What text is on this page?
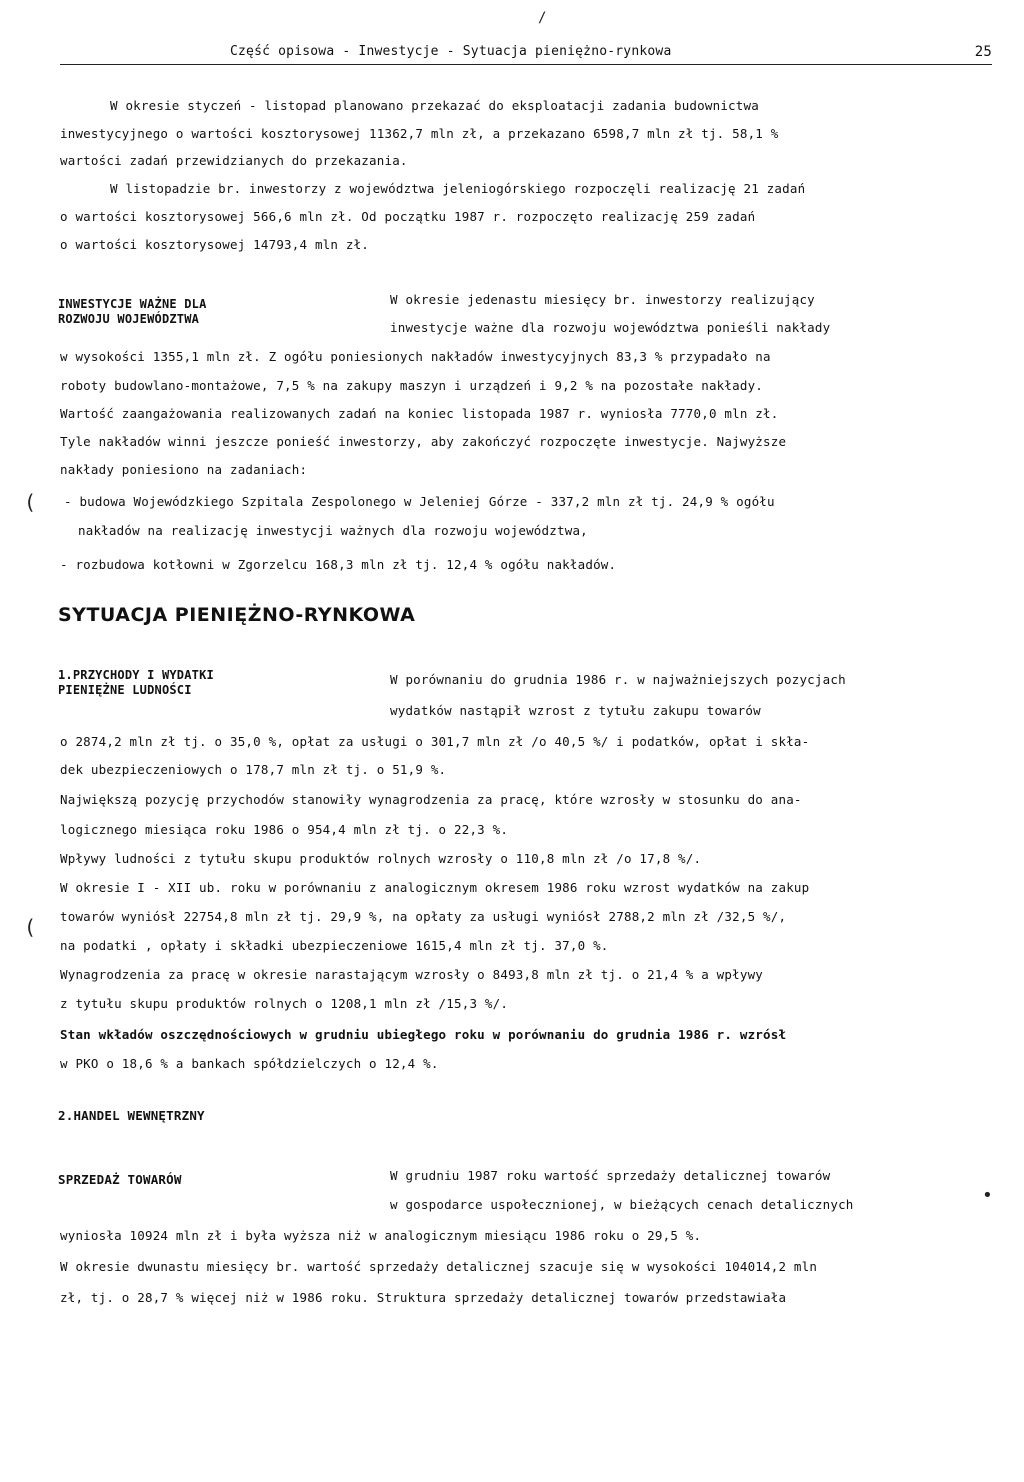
Część opisowa - Inwestycje - Sytuacja pieniężno-rynkowa	25
W okresie styczeń - listopad planowano przekazać do eksploatacji zadania budownictwa
inwestycyjnego o wartości kosztorysowej 11362,7 mln zł, a przekazano 6598,7 mln zł tj. 58,1 %
wartości zadań przewidzianych do przekazania.
W listopadzie br. inwestorzy z województwa jeleniogórskiego rozpoczęli realizację 21 zadań
o wartości kosztorysowej 566,6 mln zł. Od początku 1987 r. rozpoczęto realizację 259 zadań
o wartości kosztorysowej 14793,4 mln zł.
INWESTYCJE WAŻNE DLA
ROZWOJU WOJEWÓDZTWA
W okresie jedenastu miesięcy br. inwestorzy realizujący
inwestycje ważne dla rozwoju województwa ponieśli nakłady
w wysokości 1355,1 mln zł. Z ogółu poniesionych nakładów inwestycyjnych 83,3 % przypadało na
roboty budowlano-montażowe, 7,5 % na zakupy maszyn i urządzeń i 9,2 % na pozostałe nakłady.
Wartość zaangażowania realizowanych zadań na koniec listopada 1987 r. wyniosła 7770,0 mln zł.
Tyle nakładów winni jeszcze ponieść inwestorzy, aby zakończyć rozpoczęte inwestycje. Najwyższe
nakłady poniesiono na zadaniach:
- budowa Wojewódzkiego Szpitala Zespolonego w Jeleniej Górze - 337,2 mln zł tj. 24,9 % ogółu
nakładów na realizację inwestycji ważnych dla rozwoju województwa,
- rozbudowa kotłowni w Zgorzelcu 168,3 mln zł tj. 12,4 % ogółu nakładów.
SYTUACJA PIENIĘŻNO-RYNKOWA
1.PRZYCHODY I WYDATKI
PIENIĘŻNE LUDNOŚCI
W porównaniu do grudnia 1986 r. w najważniejszych pozycjach
wydatków nastąpił wzrost z tytułu zakupu towarów
o 2874,2 mln zł tj. o 35,0 %, opłat za usługi o 301,7 mln zł /o 40,5 %/ i podatków, opłat i skła-
dek ubezpieczeniowych o 178,7 mln zł tj. o 51,9 %.
Największą pozycję przychodów stanowiły wynagrodzenia za pracę, które wzrosły w stosunku do ana-
logicznego miesiąca roku 1986 o 954,4 mln zł tj. o 22,3 %.
Wpływy ludności z tytułu skupu produktów rolnych wzrosły o 110,8 mln zł /o 17,8 %/.
W okresie I - XII ub. roku w porównaniu z analogicznym okresem 1986 roku wzrost wydatków na zakup
towarów wyniósł 22754,8 mln zł tj. 29,9 %, na opłaty za usługi wyniósł 2788,2 mln zł /32,5 %/,
na podatki , opłaty i składki ubezpieczeniowe 1615,4 mln zł tj. 37,0 %.
Wynagrodzenia za pracę w okresie narastającym wzrosły o 8493,8 mln zł tj. o 21,4 % a wpływy
z tytułu skupu produktów rolnych o 1208,1 mln zł /15,3 %/.
Stan wkładów oszczędnościowych w grudniu ubiegłego roku w porównaniu do grudnia 1986 r. wzrósł
w PKO o 18,6 % a bankach spółdzielczych o 12,4 %.
2.HANDEL WEWNĘTRZNY
SPRZEDAŻ TOWARÓW	W grudniu 1987 roku wartość sprzedaży detalicznej towarów
w gospodarce uspołecznionej, w bieżących cenach detalicznych
wyniosła 10924 mln zł i była wyższa niż w analogicznym miesiącu 1986 roku o 29,5 %.
W okresie dwunastu miesięcy br. wartość sprzedaży detalicznej szacuje się w wysokości 104014,2 mln
zł, tj. o 28,7 % więcej niż w 1986 roku. Struktura sprzedaży detalicznej towarów przedstawiała
/
(
(
•
